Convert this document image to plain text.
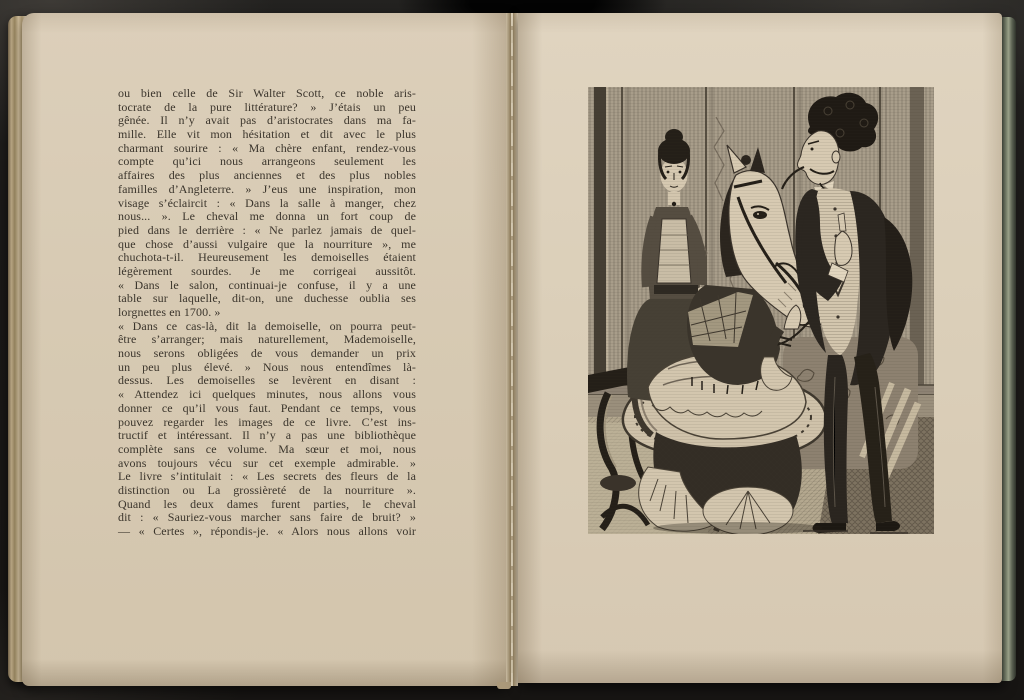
ou bien celle de Sir Walter Scott, ce noble aris-
tocrate de la pure littérature? » J’étais un peu
gênée. Il n’y avait pas d’aristocrates dans ma fa-
mille. Elle vit mon hésitation et dit avec le plus
charmant sourire : « Ma chère enfant, rendez-vous
compte qu’ici nous arrangeons seulement les
affaires des plus anciennes et des plus nobles
familles d’Angleterre. » J’eus une inspiration, mon
visage s’éclaircit : « Dans la salle à manger, chez
nous... ». Le cheval me donna un fort coup de
pied dans le derrière : « Ne parlez jamais de quel-
que chose d’aussi vulgaire que la nourriture », me
chuchota-t-il. Heureusement les demoiselles étaient
légèrement sourdes. Je me corrigeai aussitôt.
« Dans le salon, continuai-je confuse, il y a une
table sur laquelle, dit-on, une duchesse oublia ses
lorgnettes en 1700. »
« Dans ce cas-là, dit la demoiselle, on pourra peut-
être s’arranger; mais naturellement, Mademoiselle,
nous serons obligées de vous demander un prix
un peu plus élevé. » Nous nous entendîmes là-
dessus. Les demoiselles se levèrent en disant :
« Attendez ici quelques minutes, nous allons vous
donner ce qu’il vous faut. Pendant ce temps, vous
pouvez regarder les images de ce livre. C’est ins-
tructif et intéressant. Il n’y a pas une bibliothèque
complète sans ce volume. Ma sœur et moi, nous
avons toujours vécu sur cet exemple admirable. »
Le livre s’intitulait : « Les secrets des fleurs de la
distinction ou La grossièreté de la nourriture ».
Quand les deux dames furent parties, le cheval
dit : « Sauriez-vous marcher sans faire de bruit? »
— « Certes », répondis-je. « Alors nous allons voir
